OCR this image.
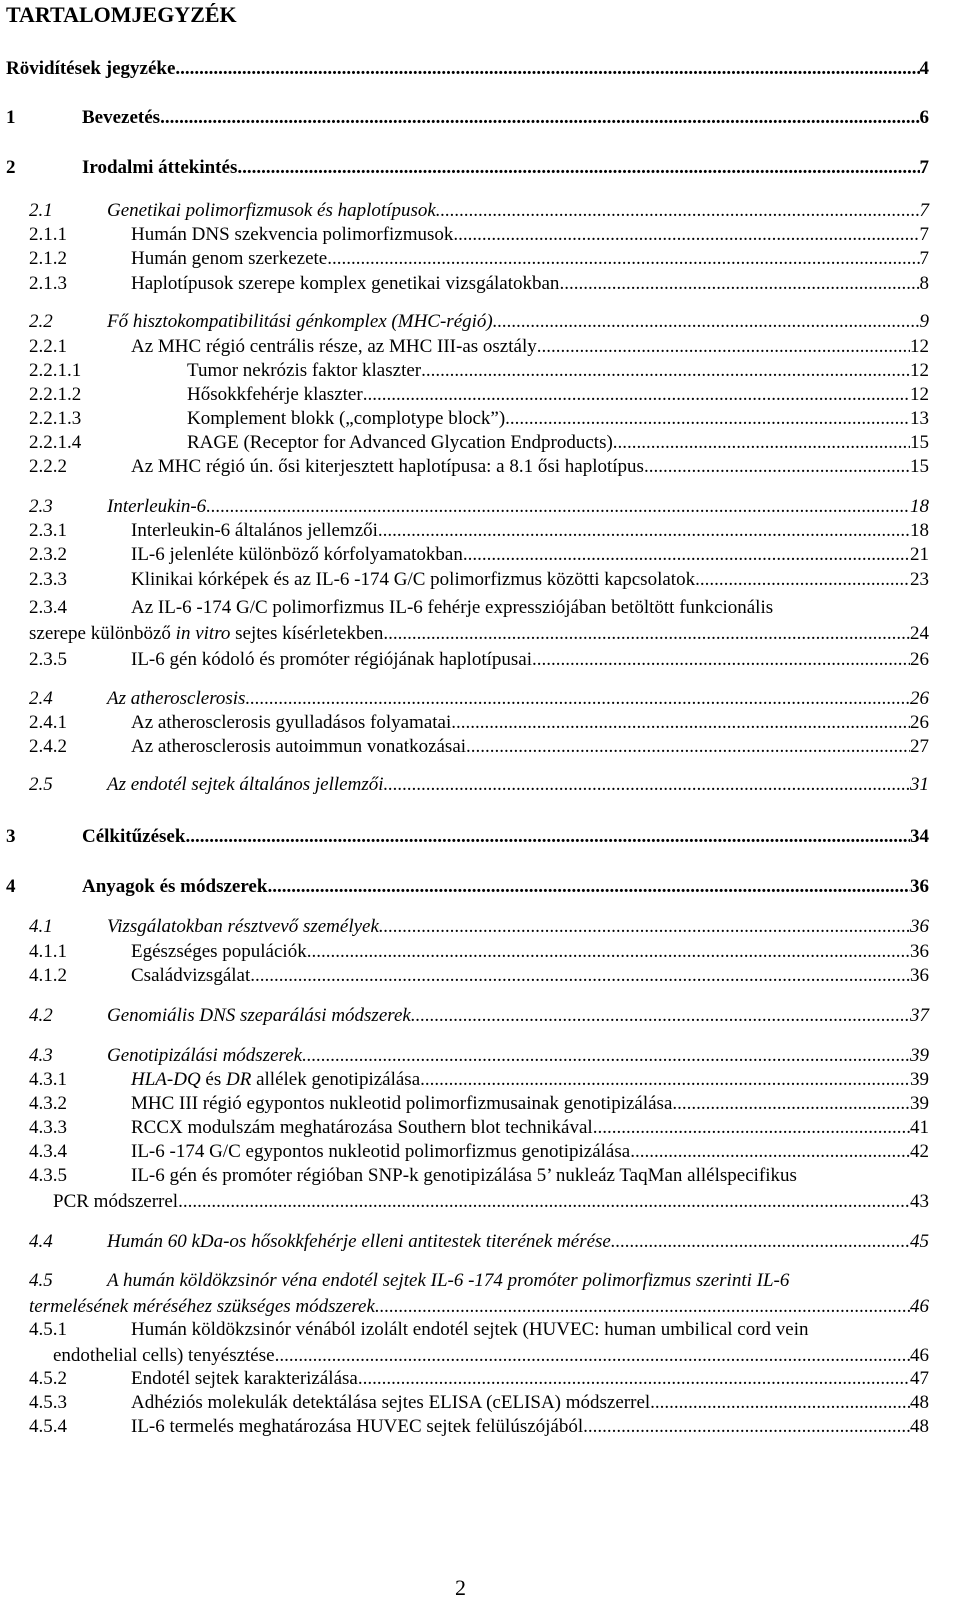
TARTALOMJEGYZÉK
Rövidítések jegyzéke .....	4
1	Bevezetés .....	6
2	Irodalmi áttekintés .....	7
2.1	Genetikai polimorfizmusok és haplotípusok .....	7
2.1.1	Humán DNS szekvencia polimorfizmusok .....	7
2.1.2	Humán genom szerkezete .....	7
2.1.3	Haplotípusok szerepe komplex genetikai vizsgálatokban .....	8
2.2	Fő hisztokompatibilitási génkomplex (MHC-régió) .....	9
2.2.1	Az MHC régió centrális része, az MHC III-as osztály .....	12
2.2.1.1	Tumor nekrózis faktor klaszter .....	12
2.2.1.2	Hősokkfehérje klaszter .....	12
2.2.1.3	Komplement blokk („complotype block”) .....	13
2.2.1.4	RAGE (Receptor for Advanced Glycation Endproducts) .....	15
2.2.2	Az MHC régió ún. ősi kiterjesztett haplotípusa: a 8.1 ősi haplotípus .....	15
2.3	Interleukin-6 .....	18
2.3.1	Interleukin-6 általános jellemzői .....	18
2.3.2	IL-6 jelenléte különböző kórfolyamatokban .....	21
2.3.3	Klinikai kórképek és az IL-6 -174 G/C polimorfizmus közötti kapcsolatok .....	23
2.3.4	Az IL-6 -174 G/C polimorfizmus IL-6 fehérje expressziójában betöltött funkcionális
szerepe különböző in vitro sejtes kísérletekben .....	24
2.3.5	IL-6 gén kódoló és promóter régiójának haplotípusai .....	26
2.4	Az atherosclerosis .....	26
2.4.1	Az atherosclerosis gyulladásos folyamatai .....	26
2.4.2	Az atherosclerosis autoimmun vonatkozásai .....	27
2.5	Az endotél sejtek általános jellemzői .....	31
3	Célkitűzések .....	34
4	Anyagok és módszerek .....	36
4.1	Vizsgálatokban résztvevő személyek .....	36
4.1.1	Egészséges populációk .....	36
4.1.2	Családvizsgálat .....	36
4.2	Genomiális DNS szeparálási módszerek .....	37
4.3	Genotipizálási módszerek .....	39
4.3.1	HLA-DQ és DR allélek genotipizálása .....	39
4.3.2	MHC III régió egypontos nukleotid polimorfizmusainak genotipizálása .....	39
4.3.3	RCCX modulszám meghatározása Southern blot technikával .....	41
4.3.4	IL-6 -174 G/C egypontos nukleotid polimorfizmus genotipizálása .....	42
4.3.5	IL-6 gén és promóter régióban SNP-k genotipizálása 5’ nukleáz TaqMan allélspecifikus
PCR módszerrel .....	43
4.4	Humán 60 kDa-os hősokkfehérje elleni antitestek titerének mérése .....	45
4.5	A humán köldökzsinór véna endotél sejtek IL-6 -174 promóter polimorfizmus szerinti IL-6
termelésének méréséhez szükséges módszerek .....	46
4.5.1	Humán köldökzsinór vénából izolált endotél sejtek (HUVEC: human umbilical cord vein
endothelial cells) tenyésztése .....	46
4.5.2	Endotél sejtek karakterizálása .....	47
4.5.3	Adhéziós molekulák detektálása sejtes ELISA (cELISA) módszerrel .....	48
4.5.4	IL-6 termelés meghatározása HUVEC sejtek felülúszójából .....	48
2
